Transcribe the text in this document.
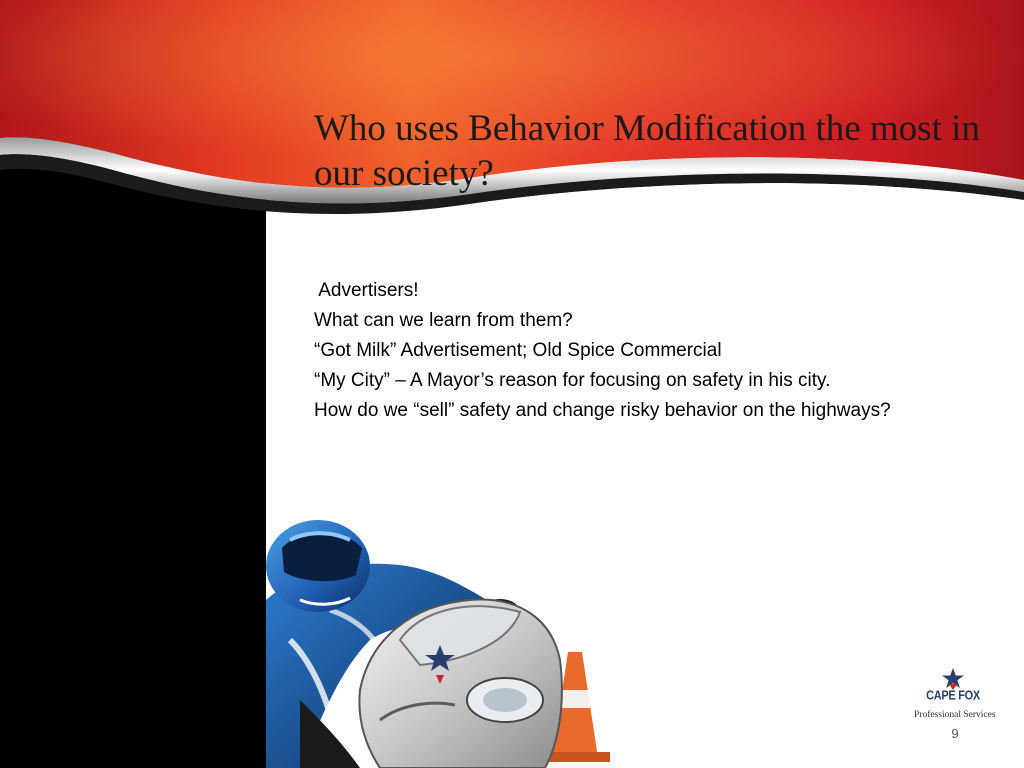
Who uses Behavior Modification the most in our society?
Advertisers!
What can we learn from them?
“Got Milk” Advertisement; Old Spice Commercial
“My City” – A Mayor’s reason for focusing on safety in his city.
How do we “sell” safety and change risky behavior on the highways?
CAPE FOX
Professional Services
9
